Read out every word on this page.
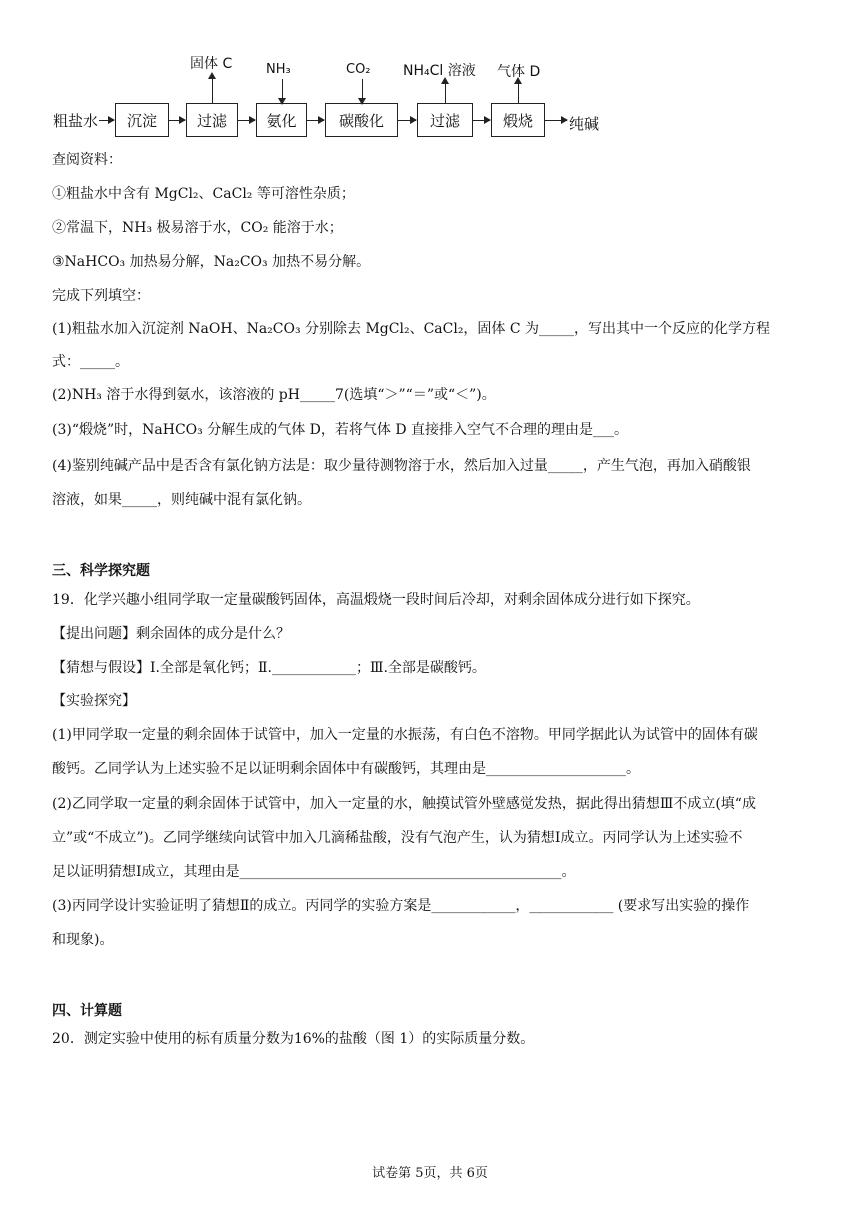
粗盐水	沉淀	过滤	氨化	碳酸化	过滤	煅烧	纯碱
固体 C	NH₃	CO₂ NH₄Cl 溶液 气体 D
查阅资料：
①粗盐水中含有 MgCl₂、CaCl₂ 等可溶性杂质；
②常温下，NH₃ 极易溶于水，CO₂ 能溶于水；
③NaHCO₃ 加热易分解，Na₂CO₃ 加热不易分解。
完成下列填空：
(1)粗盐水加入沉淀剂 NaOH、Na₂CO₃ 分别除去 MgCl₂、CaCl₂，固体 C 为_____，写出其中一个反应的化学方程
式：_____。
(2)NH₃ 溶于水得到氨水，该溶液的 pH_____7(选填“＞”“＝”或“＜”)。
(3)“煅烧”时，NaHCO₃ 分解生成的气体 D，若将气体 D 直接排入空气不合理的理由是___。
(4)鉴别纯碱产品中是否含有氯化钠方法是：取少量待测物溶于水，然后加入过量_____，产生气泡，再加入硝酸银
溶液，如果_____，则纯碱中混有氯化钠。
三、科学探究题
19．化学兴趣小组同学取一定量碳酸钙固体，高温煅烧一段时间后冷却，对剩余固体成分进行如下探究。
【提出问题】剩余固体的成分是什么？
【猜想与假设】Ⅰ.全部是氧化钙；Ⅱ.____________；Ⅲ.全部是碳酸钙。
【实验探究】
(1)甲同学取一定量的剩余固体于试管中，加入一定量的水振荡，有白色不溶物。甲同学据此认为试管中的固体有碳
酸钙。乙同学认为上述实验不足以证明剩余固体中有碳酸钙，其理由是____________________。
(2)乙同学取一定量的剩余固体于试管中，加入一定量的水，触摸试管外壁感觉发热，据此得出猜想Ⅲ不成立(填“成
立”或“不成立”)。乙同学继续向试管中加入几滴稀盐酸，没有气泡产生，认为猜想Ⅰ成立。丙同学认为上述实验不
足以证明猜想Ⅰ成立，其理由是______________________________________________。
(3)丙同学设计实验证明了猜想Ⅱ的成立。丙同学的实验方案是____________，____________ (要求写出实验的操作
和现象)。
四、计算题
20．测定实验中使用的标有质量分数为16%的盐酸（图 1）的实际质量分数。
试卷第 5页，共 6页
